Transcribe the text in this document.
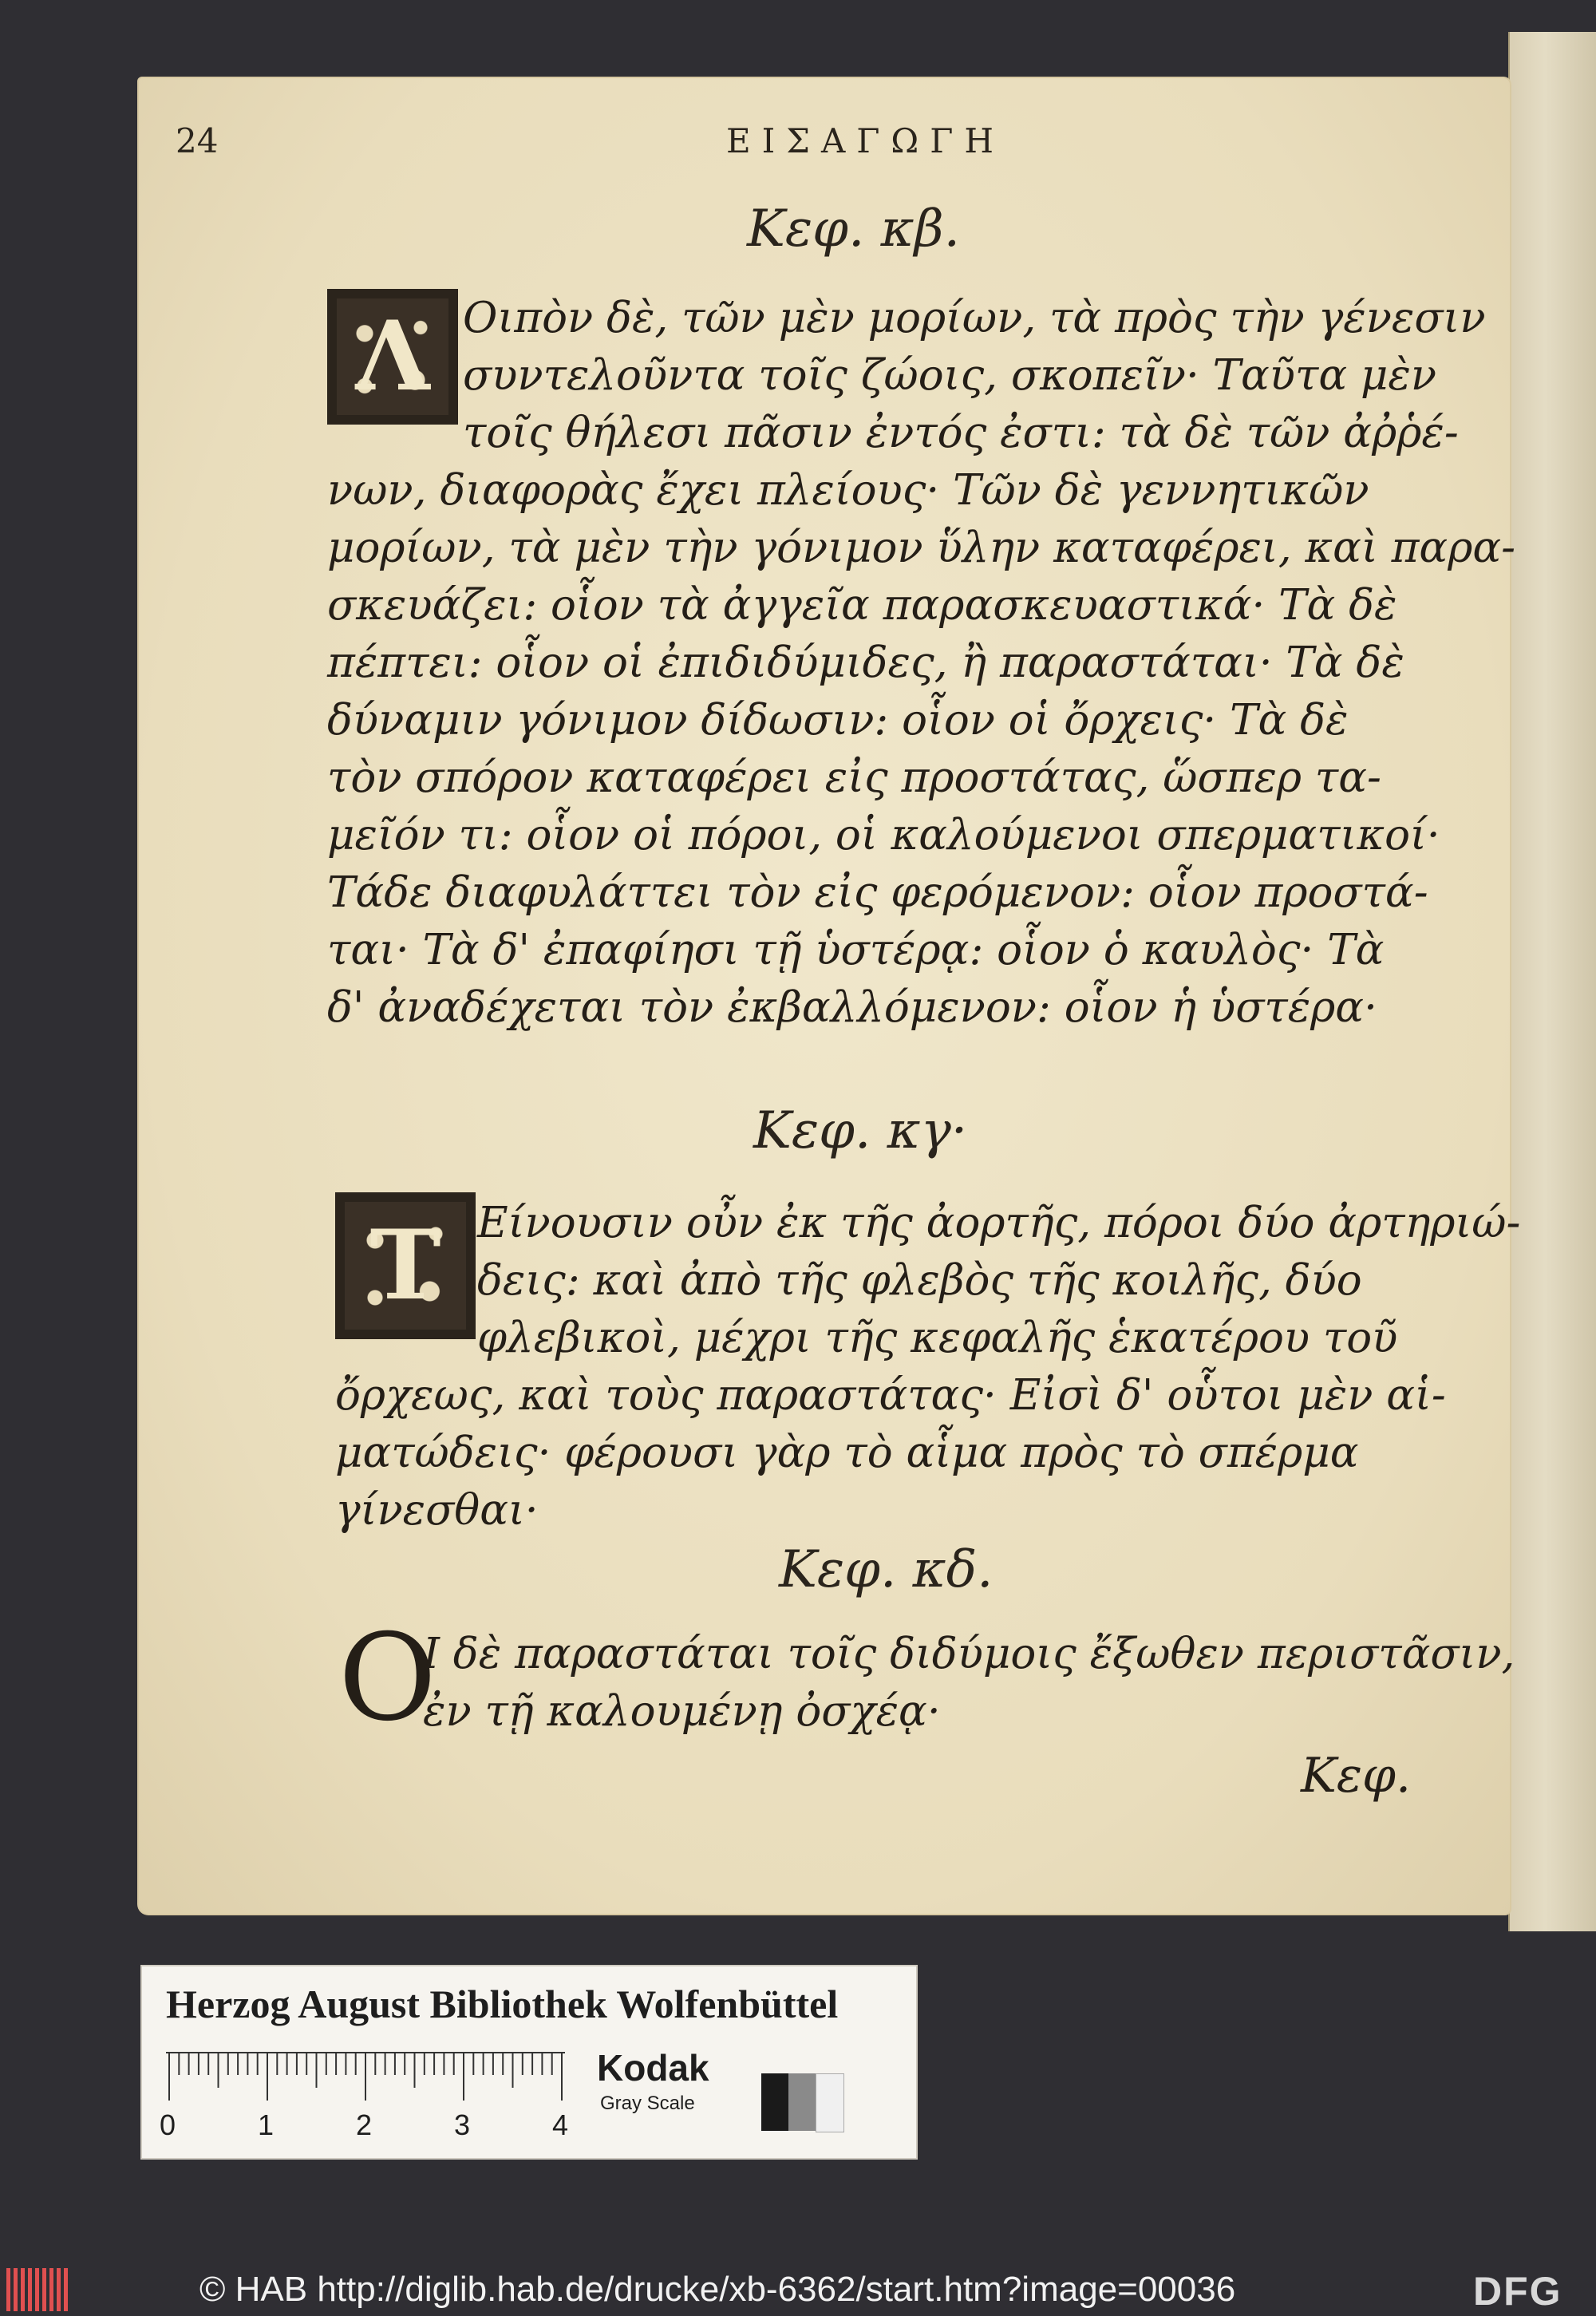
24	ΕΙΣΑΓΩΓΗ
Κεφ. κβ.
Λ Οιπὸν δὲ, τῶν μὲν μορίων, τὰ πρὸς τὴν γένεσιν
συντελοῦντα τοῖς ζώοις, σκοπεῖν· Ταῦτα μὲν
τοῖς θήλεσι πᾶσιν ἐντός ἐστι: τὰ δὲ τῶν ἀῤῥέ-
νων, διαφορὰς ἔχει πλείους· Τῶν δὲ γεννητικῶν
μορίων, τὰ μὲν τὴν γόνιμον ὕλην καταφέρει, καὶ παρα-
σκευάζει: οἷον τὰ ἀγγεῖα παρασκευαστικά· Τὰ δὲ
πέπτει: οἷον οἱ ἐπιδιδύμιδες, ἢ παραστάται· Τὰ δὲ
δύναμιν γόνιμον δίδωσιν: οἷον οἱ ὄρχεις· Τὰ δὲ
τὸν σπόρον καταφέρει εἰς προστάτας, ὥσπερ τα-
μεῖόν τι: οἷον οἱ πόροι, οἱ καλούμενοι σπερματικοί·
Τάδε διαφυλάττει τὸν εἰς φερόμενον: οἷον προστά-
ται· Τὰ δ' ἐπαφίησι τῇ ὑστέρᾳ: οἷον ὁ καυλὸς· Τὰ
δ' ἀναδέχεται τὸν ἐκβαλλόμενον: οἷον ἡ ὑστέρα·
Κεφ. κγ·
Τ Είνουσιν οὖν ἐκ τῆς ἀορτῆς, πόροι δύο ἀρτηριώ-
δεις: καὶ ἀπὸ τῆς φλεβὸς τῆς κοιλῆς, δύο
φλεβικοὶ, μέχρι τῆς κεφαλῆς ἑκατέρου τοῦ
ὄρχεως, καὶ τοὺς παραστάτας· Εἰσὶ δ' οὗτοι μὲν αἱ-
ματώδεις· φέρουσι γὰρ τὸ αἷμα πρὸς τὸ σπέρμα
γίνεσθαι·
Κεφ. κδ.
O
I δὲ παραστάται τοῖς διδύμοις ἔξωθεν περιστᾶσιν,
ἐν τῇ καλουμένῃ ὀσχέᾳ·
Κεφ.
Herzog August Bibliothek Wolfenbüttel
0	1	2	3	4
Kodak
Gray Scale
© HAB http://diglib.hab.de/drucke/xb-6362/start.htm?image=00036	DFG
